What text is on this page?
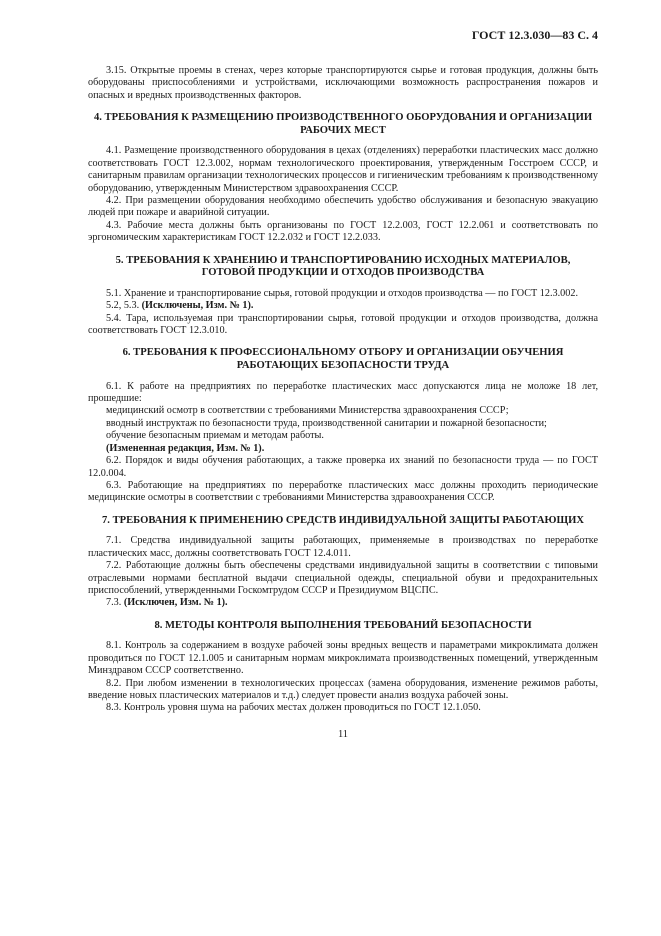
ГОСТ 12.3.030—83 С. 4

3.15. Открытые проемы в стенах, через которые транспортируются сырье и готовая продукция, должны быть оборудованы приспособлениями и устройствами, исключающими возможность распространения пожаров и опасных и вредных производственных факторов.

4. ТРЕБОВАНИЯ К РАЗМЕЩЕНИЮ ПРОИЗВОДСТВЕННОГО ОБОРУДОВАНИЯ И ОРГАНИЗАЦИИ РАБОЧИХ МЕСТ

4.1. Размещение производственного оборудования в цехах (отделениях) переработки пластических масс должно соответствовать ГОСТ 12.3.002, нормам технологического проектирования, утвержденным Госстроем СССР, и санитарным правилам организации технологических процессов и гигиеническим требованиям к производственному оборудованию, утвержденным Министерством здравоохранения СССР.

4.2. При размещении оборудования необходимо обеспечить удобство обслуживания и безопасную эвакуацию людей при пожаре и аварийной ситуации.

4.3. Рабочие места должны быть организованы по ГОСТ 12.2.003, ГОСТ 12.2.061 и соответствовать по эргономическим характеристикам ГОСТ 12.2.032 и ГОСТ 12.2.033.

5. ТРЕБОВАНИЯ К ХРАНЕНИЮ И ТРАНСПОРТИРОВАНИЮ ИСХОДНЫХ МАТЕРИАЛОВ, ГОТОВОЙ ПРОДУКЦИИ И ОТХОДОВ ПРОИЗВОДСТВА

5.1. Хранение и транспортирование сырья, готовой продукции и отходов производства — по ГОСТ 12.3.002.

5.2, 5.3. (Исключены, Изм. № 1).

5.4. Тара, используемая при транспортировании сырья, готовой продукции и отходов производства, должна соответствовать ГОСТ 12.3.010.

6. ТРЕБОВАНИЯ К ПРОФЕССИОНАЛЬНОМУ ОТБОРУ И ОРГАНИЗАЦИИ ОБУЧЕНИЯ РАБОТАЮЩИХ БЕЗОПАСНОСТИ ТРУДА

6.1. К работе на предприятиях по переработке пластических масс допускаются лица не моложе 18 лет, прошедшие:

медицинский осмотр в соответствии с требованиями Министерства здравоохранения СССР;

вводный инструктаж по безопасности труда, производственной санитарии и пожарной безопасности;

обучение безопасным приемам и методам работы.

(Измененная редакция, Изм. № 1).

6.2. Порядок и виды обучения работающих, а также проверка их знаний по безопасности труда — по ГОСТ 12.0.004.

6.3. Работающие на предприятиях по переработке пластических масс должны проходить периодические медицинские осмотры в соответствии с требованиями Министерства здравоохранения СССР.

7. ТРЕБОВАНИЯ К ПРИМЕНЕНИЮ СРЕДСТВ ИНДИВИДУАЛЬНОЙ ЗАЩИТЫ РАБОТАЮЩИХ

7.1. Средства индивидуальной защиты работающих, применяемые в производствах по переработке пластических масс, должны соответствовать ГОСТ 12.4.011.

7.2. Работающие должны быть обеспечены средствами индивидуальной защиты в соответствии с типовыми отраслевыми нормами бесплатной выдачи специальной одежды, специальной обуви и предохранительных приспособлений, утвержденными Госкомтрудом СССР и Президиумом ВЦСПС.

7.3. (Исключен, Изм. № 1).

8. МЕТОДЫ КОНТРОЛЯ ВЫПОЛНЕНИЯ ТРЕБОВАНИЙ БЕЗОПАСНОСТИ

8.1. Контроль за содержанием в воздухе рабочей зоны вредных веществ и параметрами микроклимата должен проводиться по ГОСТ 12.1.005 и санитарным нормам микроклимата производственных помещений, утвержденным Минздравом СССР соответственно.

8.2. При любом изменении в технологических процессах (замена оборудования, изменение режимов работы, введение новых пластических материалов и т.д.) следует провести анализ воздуха рабочей зоны.

8.3. Контроль уровня шума на рабочих местах должен проводиться по ГОСТ 12.1.050.

11
